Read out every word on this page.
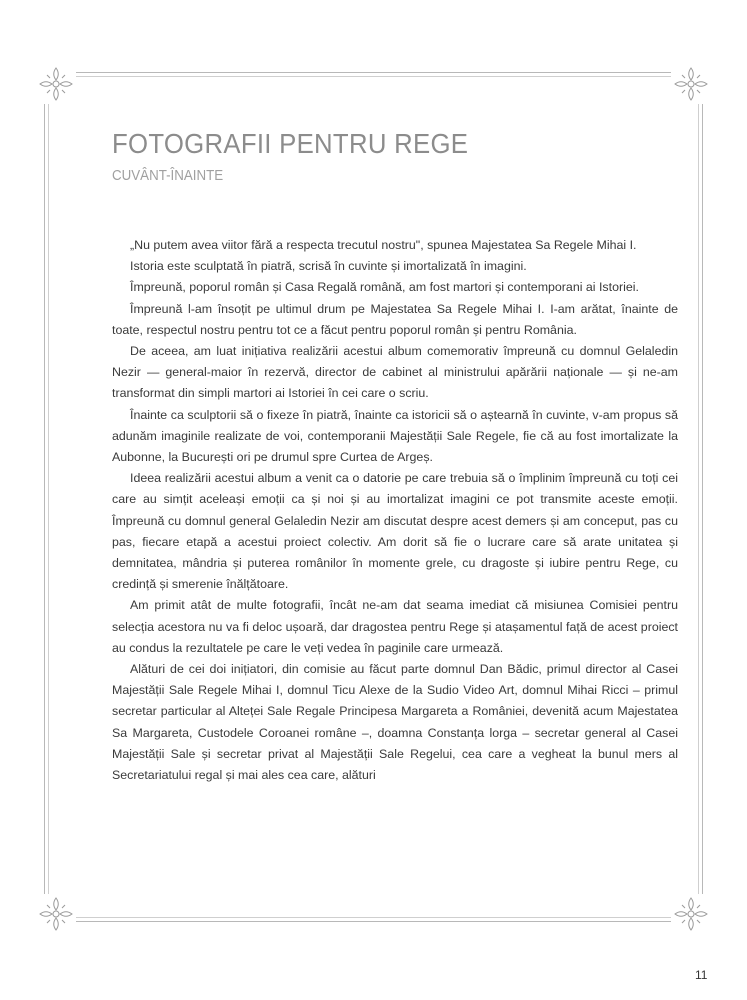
FOTOGRAFII PENTRU REGE
CUVÂNT-ÎNAINTE

„Nu putem avea viitor fără a respecta trecutul nostru", spunea Majestatea Sa Regele Mihai I.

Istoria este sculptată în piatră, scrisă în cuvinte și imortalizată în imagini.

Împreună, poporul român și Casa Regală română, am fost martori și contemporani ai Istoriei.

Împreună l-am însoțit pe ultimul drum pe Majestatea Sa Regele Mihai I. I-am arătat, înainte de toate, respectul nostru pentru tot ce a făcut pentru poporul român și pentru România.

De aceea, am luat inițiativa realizării acestui album comemorativ împreună cu domnul Gelaledin Nezir — general-maior în rezervă, director de cabinet al ministrului apărării naționale — și ne-am transformat din simpli martori ai Istoriei în cei care o scriu.

Înainte ca sculptorii să o fixeze în piatră, înainte ca istoricii să o aștearnă în cuvinte, v-am propus să adunăm imaginile realizate de voi, contemporanii Majestății Sale Regele, fie că au fost imortalizate la Aubonne, la București ori pe drumul spre Curtea de Argeș.

Ideea realizării acestui album a venit ca o datorie pe care trebuia să o împlinim împreună cu toți cei care au simțit aceleași emoții ca și noi și au imortalizat imagini ce pot transmite aceste emoții. Împreună cu domnul general Gelaledin Nezir am discutat despre acest demers și am conceput, pas cu pas, fiecare etapă a acestui proiect colectiv. Am dorit să fie o lucrare care să arate unitatea și demnitatea, mândria și puterea românilor în momente grele, cu dragoste și iubire pentru Rege, cu credință și smerenie înălțătoare.

Am primit atât de multe fotografii, încât ne-am dat seama imediat că misiunea Comisiei pentru selecția acestora nu va fi deloc ușoară, dar dragostea pentru Rege și atașamentul față de acest proiect au condus la rezultatele pe care le veți vedea în paginile care urmează.

Alături de cei doi inițiatori, din comisie au făcut parte domnul Dan Bădic, primul director al Casei Majestății Sale Regele Mihai I, domnul Ticu Alexe de la Sudio Video Art, domnul Mihai Ricci – primul secretar particular al Alteței Sale Regale Principesa Margareta a României, devenită acum Majestatea Sa Margareta, Custodele Coroanei române –, doamna Constanța lorga – secretar general al Casei Majestății Sale și secretar privat al Majestății Sale Regelui, cea care a vegheat la bunul mers al Secretariatului regal și mai ales cea care, alături

11
